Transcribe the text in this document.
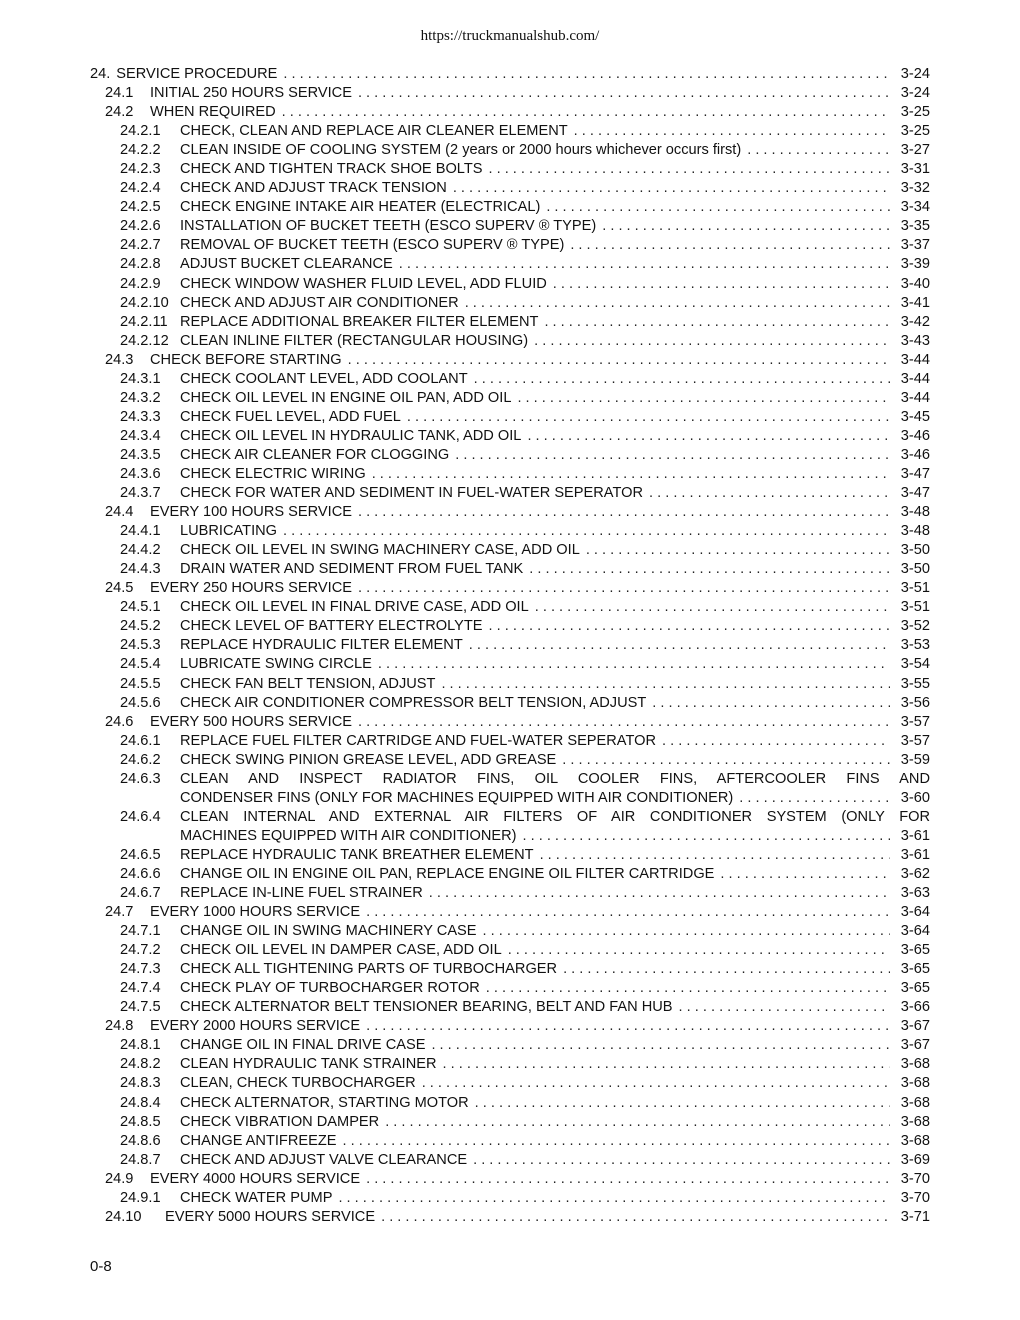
https://truckmanualshub.com/
24. SERVICE PROCEDURE . . .	3-24
24.1	INITIAL 250 HOURS SERVICE . . .	3-24
24.2	WHEN REQUIRED . . .	3-25
24.2.1	CHECK, CLEAN AND REPLACE AIR CLEANER ELEMENT . . .	3-25
24.2.2	CLEAN INSIDE OF COOLING SYSTEM (2 years or 2000 hours whichever occurs first) . . .	3-27
24.2.3	CHECK AND TIGHTEN TRACK SHOE BOLTS . . .	3-31
24.2.4	CHECK AND ADJUST TRACK TENSION . . .	3-32
24.2.5	CHECK ENGINE INTAKE AIR HEATER (ELECTRICAL) . . .	3-34
24.2.6	INSTALLATION OF BUCKET TEETH (ESCO SUPERV ® TYPE) . . .	3-35
24.2.7	REMOVAL OF BUCKET TEETH (ESCO SUPERV ® TYPE) . . .	3-37
24.2.8	ADJUST BUCKET CLEARANCE . . .	3-39
24.2.9	CHECK WINDOW WASHER FLUID LEVEL, ADD FLUID . . .	3-40
24.2.10 CHECK AND ADJUST AIR CONDITIONER . . .	3-41
24.2.11 REPLACE ADDITIONAL BREAKER FILTER ELEMENT . . .	3-42
24.2.12 CLEAN INLINE FILTER (RECTANGULAR HOUSING) . . .	3-43
24.3	CHECK BEFORE STARTING . . .	3-44
24.3.1	CHECK COOLANT LEVEL, ADD COOLANT . . .	3-44
24.3.2	CHECK OIL LEVEL IN ENGINE OIL PAN, ADD OIL . . .	3-44
24.3.3	CHECK FUEL LEVEL, ADD FUEL . . .	3-45
24.3.4	CHECK OIL LEVEL IN HYDRAULIC TANK, ADD OIL . . .	3-46
24.3.5	CHECK AIR CLEANER FOR CLOGGING . . .	3-46
24.3.6	CHECK ELECTRIC WIRING . . .	3-47
24.3.7	CHECK FOR WATER AND SEDIMENT IN FUEL-WATER SEPERATOR . . .	3-47
24.4	EVERY 100 HOURS SERVICE . . .	3-48
24.4.1	LUBRICATING . . .	3-48
24.4.2	CHECK OIL LEVEL IN SWING MACHINERY CASE, ADD OIL . . .	3-50
24.4.3	DRAIN WATER AND SEDIMENT FROM FUEL TANK . . .	3-50
24.5	EVERY 250 HOURS SERVICE . . .	3-51
24.5.1	CHECK OIL LEVEL IN FINAL DRIVE CASE, ADD OIL . . .	3-51
24.5.2	CHECK LEVEL OF BATTERY ELECTROLYTE . . .	3-52
24.5.3	REPLACE HYDRAULIC FILTER ELEMENT . . .	3-53
24.5.4	LUBRICATE SWING CIRCLE . . .	3-54
24.5.5	CHECK FAN BELT TENSION, ADJUST . . .	3-55
24.5.6	CHECK AIR CONDITIONER COMPRESSOR BELT TENSION, ADJUST . . .	3-56
24.6	EVERY 500 HOURS SERVICE . . .	3-57
24.6.1	REPLACE FUEL FILTER CARTRIDGE AND FUEL-WATER SEPERATOR . . .	3-57
24.6.2	CHECK SWING PINION GREASE LEVEL, ADD GREASE . . .	3-59
24.6.3	CLEAN AND INSPECT RADIATOR FINS, OIL COOLER FINS, AFTERCOOLER FINS AND
CONDENSER FINS (ONLY FOR MACHINES EQUIPPED WITH AIR CONDITIONER) . . .	3-60
24.6.4	CLEAN INTERNAL AND EXTERNAL AIR FILTERS OF AIR CONDITIONER SYSTEM (ONLY FOR
MACHINES EQUIPPED WITH AIR CONDITIONER) . . .	3-61
24.6.5	REPLACE HYDRAULIC TANK BREATHER ELEMENT . . .	3-61
24.6.6	CHANGE OIL IN ENGINE OIL PAN, REPLACE ENGINE OIL FILTER CARTRIDGE . . .	3-62
24.6.7	REPLACE IN-LINE FUEL STRAINER . . .	3-63
24.7	EVERY 1000 HOURS SERVICE . . .	3-64
24.7.1	CHANGE OIL IN SWING MACHINERY CASE . . .	3-64
24.7.2	CHECK OIL LEVEL IN DAMPER CASE, ADD OIL . . .	3-65
24.7.3	CHECK ALL TIGHTENING PARTS OF TURBOCHARGER . . .	3-65
24.7.4	CHECK PLAY OF TURBOCHARGER ROTOR . . .	3-65
24.7.5	CHECK ALTERNATOR BELT TENSIONER BEARING, BELT AND FAN HUB . . .	3-66
24.8	EVERY 2000 HOURS SERVICE . . .	3-67
24.8.1	CHANGE OIL IN FINAL DRIVE CASE . . .	3-67
24.8.2	CLEAN HYDRAULIC TANK STRAINER . . .	3-68
24.8.3	CLEAN, CHECK TURBOCHARGER . . .	3-68
24.8.4	CHECK ALTERNATOR, STARTING MOTOR . . .	3-68
24.8.5	CHECK VIBRATION DAMPER . . .	3-68
24.8.6	CHANGE ANTIFREEZE . . .	3-68
24.8.7	CHECK AND ADJUST VALVE CLEARANCE . . .	3-69
24.9	EVERY 4000 HOURS SERVICE . . .	3-70
24.9.1	CHECK WATER PUMP . . .	3-70
24.10	EVERY 5000 HOURS SERVICE . . .	3-71
0-8
